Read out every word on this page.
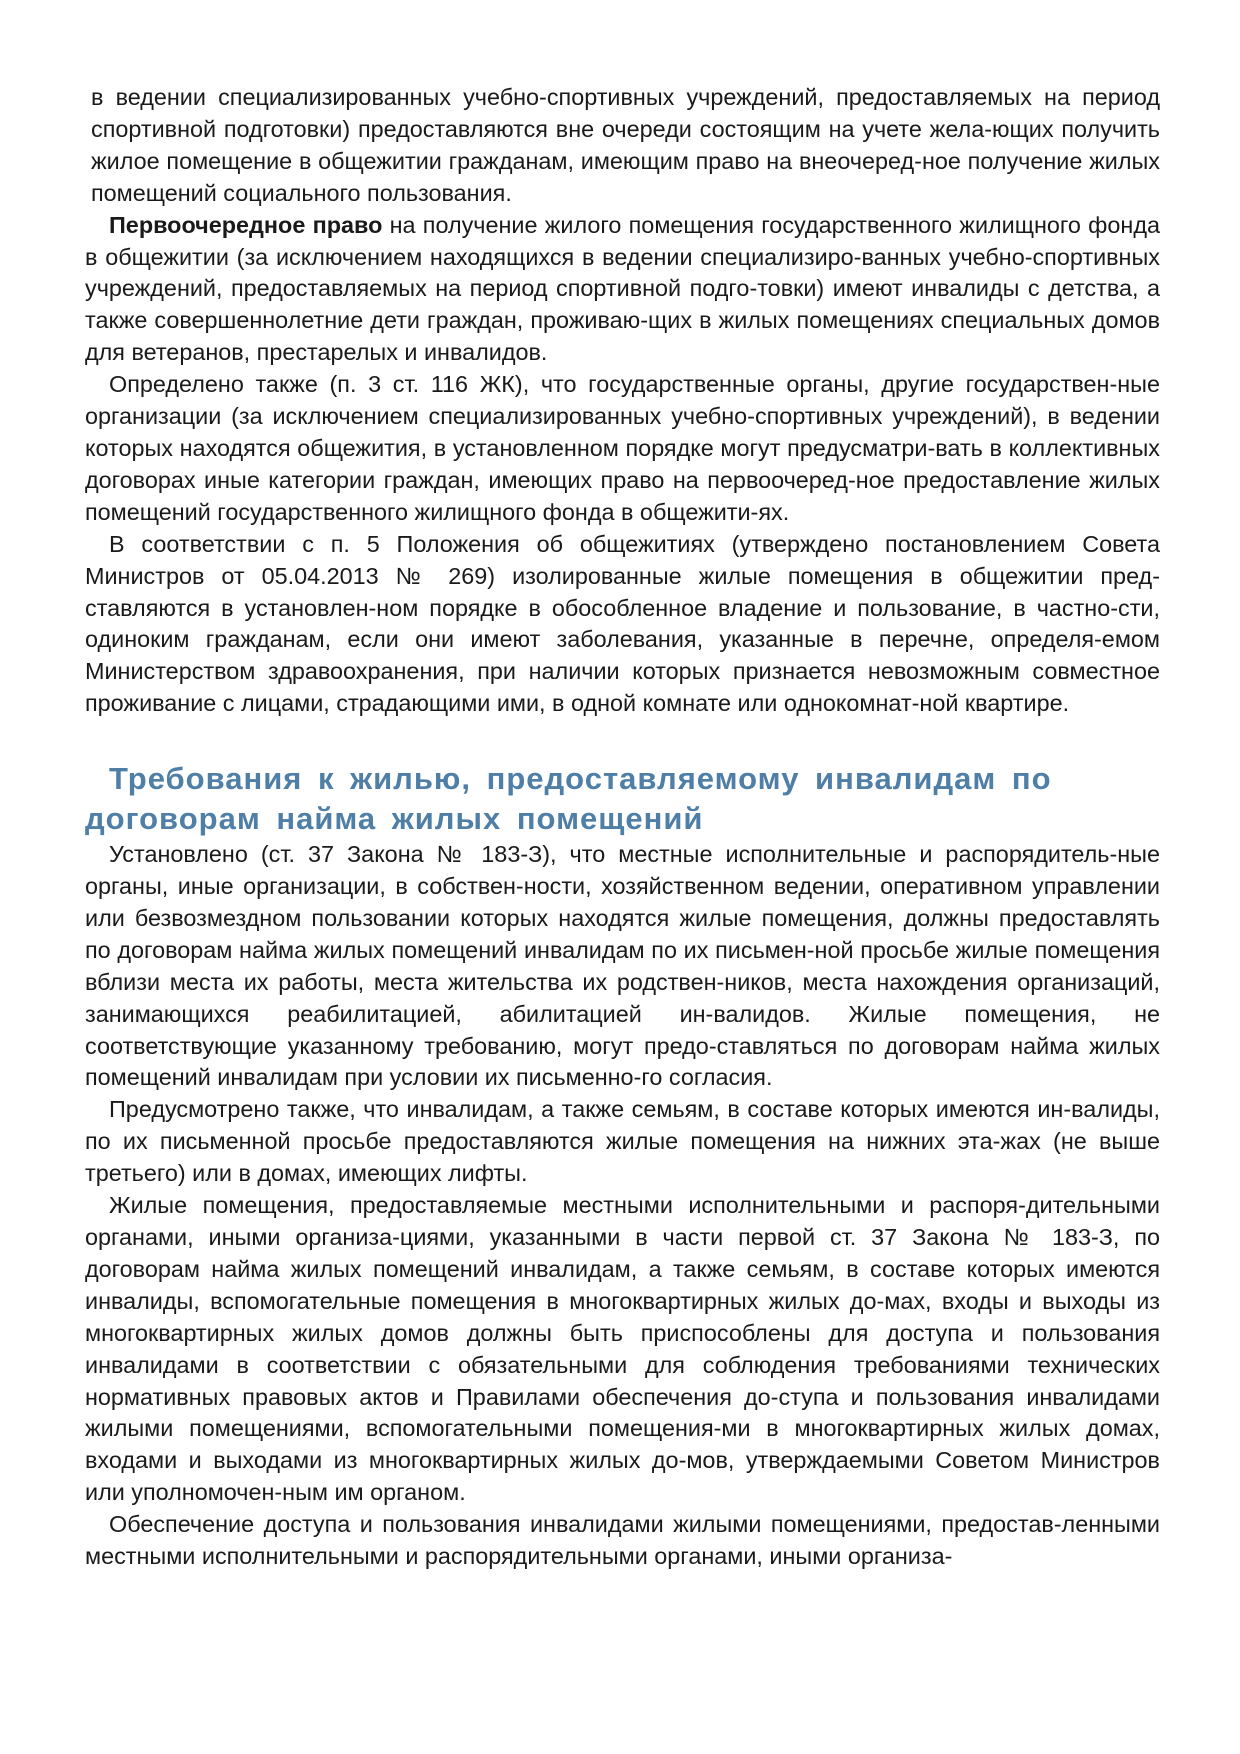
в ведении специализированных учебно-спортивных учреждений, предоставляемых на период спортивной подготовки) предоставляются вне очереди состоящим на учете жела-ющих получить жилое помещение в общежитии гражданам, имеющим право на внеочеред-ное получение жилых помещений социального пользования.

Первоочередное право на получение жилого помещения государственного жилищного фонда в общежитии (за исключением находящихся в ведении специализиро-ванных учебно-спортивных учреждений, предоставляемых на период спортивной подго-товки) имеют инвалиды с детства, а также совершеннолетние дети граждан, проживаю-щих в жилых помещениях специальных домов для ветеранов, престарелых и инвалидов.

Определено также (п. 3 ст. 116 ЖК), что государственные органы, другие государствен-ные организации (за исключением специализированных учебно-спортивных учреждений), в ведении которых находятся общежития, в установленном порядке могут предусматри-вать в коллективных договорах иные категории граждан, имеющих право на первоочеред-ное предоставление жилых помещений государственного жилищного фонда в общежити-ях.

В соответствии с п. 5 Положения об общежитиях (утверждено постановлением Совета Министров от 05.04.2013 № 269) изолированные жилые помещения в общежитии пред-ставляются в установлен-ном порядке в обособленное владение и пользование, в частно-сти, одиноким гражданам, если они имеют заболевания, указанные в перечне, определя-емом Министерством здравоохранения, при наличии которых признается невозможным совместное проживание с лицами, страдающими ими, в одной комнате или однокомнат-ной квартире.

Требования к жилью, предоставляемому инвалидам по
договорам найма жилых помещений

Установлено (ст. 37 Закона № 183-З), что местные исполнительные и распорядитель-ные органы, иные организации, в собствен-ности, хозяйственном ведении, оперативном управлении или безвозмездном пользовании которых находятся жилые помещения, должны предоставлять по договорам найма жилых помещений инвалидам по их письмен-ной просьбе жилые помещения вблизи места их работы, места жительства их родствен-ников, места нахождения организаций, занимающихся реабилитацией, абилитацией ин-валидов. Жилые помещения, не соответствующие указанному требованию, могут предо-ставляться по договорам найма жилых помещений инвалидам при условии их письменно-го согласия.

Предусмотрено также, что инвалидам, а также семьям, в составе которых имеются ин-валиды, по их письменной просьбе предоставляются жилые помещения на нижних эта-жах (не выше третьего) или в домах, имеющих лифты.

Жилые помещения, предоставляемые местными исполнительными и распоря-дительными органами, иными организа-циями, указанными в части первой ст. 37 Закона № 183-З, по договорам найма жилых помещений инвалидам, а также семьям, в составе которых имеются инвалиды, вспомогательные помещения в многоквартирных жилых до-мах, входы и выходы из многоквартирных жилых домов должны быть приспособлены для доступа и пользования инвалидами в соответствии с обязательными для соблюдения требованиями технических нормативных правовых актов и Правилами обеспечения до-ступа и пользования инвалидами жилыми помещениями, вспомогательными помещения-ми в многоквартирных жилых домах, входами и выходами из многоквартирных жилых до-мов, утверждаемыми Советом Министров или уполномочен-ным им органом.

Обеспечение доступа и пользования инвалидами жилыми помещениями, предостав-ленными местными исполнительными и распорядительными органами, иными организа-
